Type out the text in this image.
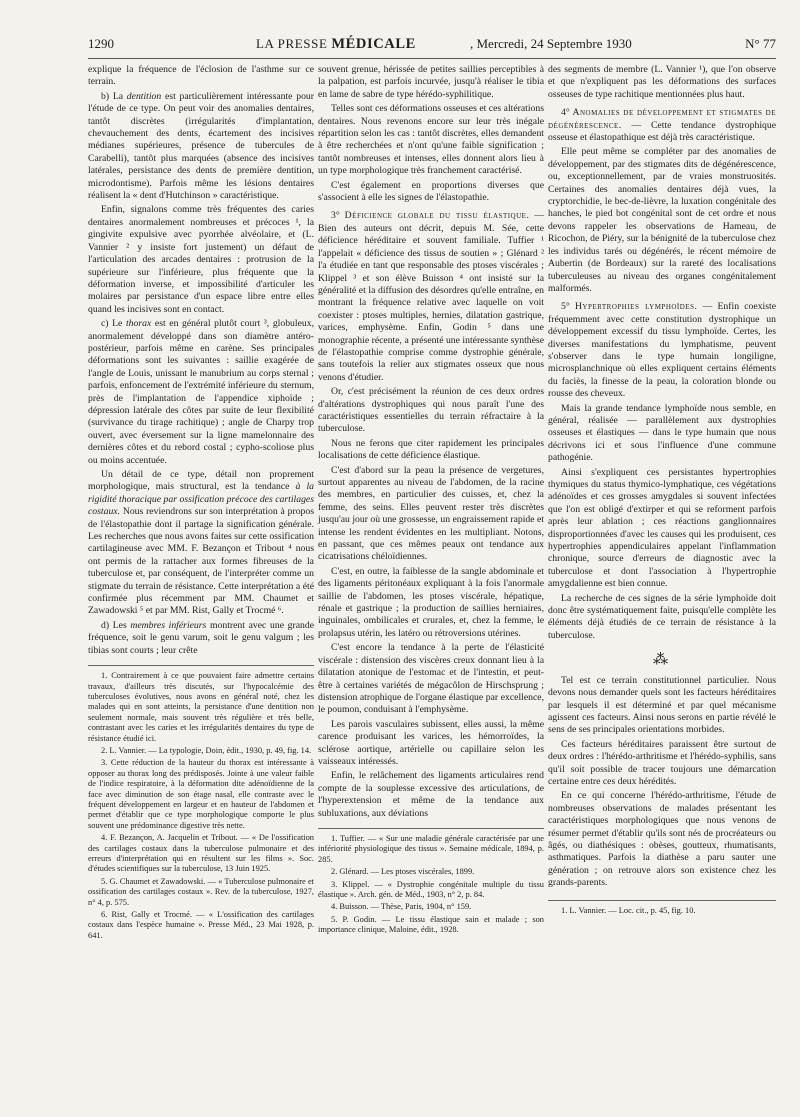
1290	LA PRESSE MÉDICALE	, Mercredi, 24 Septembre 1930	N° 77

explique la fréquence de l'éclosion de l'asthme sur ce terrain.

b) La dentition est particulièrement intéressante pour l'étude de ce type. On peut voir des anomalies dentaires, tantôt discrètes (irrégularités d'implantation, chevauchement des dents, écartement des incisives médianes supérieures, présence de tubercules de Carabelli), tantôt plus marquées (absence des incisives latérales, persistance des dents de première dentition, microdontisme). Parfois même les lésions dentaires réalisent la « dent d'Hutchinson » caractéristique.

Enfin, signalons comme très fréquentes des caries dentaires anormalement nombreuses et précoces ¹, la gingivite expulsive avec pyorrhée alvéolaire, et (L. Vannier ² y insiste fort justement) un défaut de l'articulation des arcades dentaires : protrusion de la supérieure sur l'inférieure, plus fréquente que la déformation inverse, et impossibilité d'articuler les molaires par persistance d'un espace libre entre elles quand les incisives sont en contact.

c) Le thorax est en général plutôt court ³, globuleux, anormalement développé dans son diamètre antéro-postérieur, parfois même en carène. Ses principales déformations sont les suivantes : saillie exagérée de l'angle de Louis, unissant le manubrium au corps sternal ; parfois, enfoncement de l'extrémité inférieure du sternum, près de l'implantation de l'appendice xiphoïde ; dépression latérale des côtes par suite de leur flexibilité (survivance du tirage rachitique) ; angle de Charpy trop ouvert, avec éversement sur la ligne mamelonnaire des dernières côtes et du rebord costal ; cypho-scoliose plus ou moins accentuée.

Un détail de ce type, détail non proprement morphologique, mais structural, est la tendance à la rigidité thoracique par ossification précoce des cartilages costaux. Nous reviendrons sur son interprétation à propos de l'élastopathie dont il partage la signification générale. Les recherches que nous avons faites sur cette ossification cartilagineuse avec MM. F. Bezançon et Tribout ⁴ nous ont permis de la rattacher aux formes fibreuses de la tuberculose et, par conséquent, de l'interpréter comme un stigmate du terrain de résistance. Cette interprétation a été confirmée plus récemment par MM. Chaumet et Zawadowski ⁵ et par MM. Rist, Gally et Trocmé ⁶.

d) Les membres inférieurs montrent avec une grande fréquence, soit le genu varum, soit le genu valgum ; les tibias sont courts ; leur crête

1. Contrairement à ce que pouvaient faire admettre certains travaux, d'ailleurs très discutés, sur l'hypocalcémie des tuberculoses évolutives, nous avons en général noté, chez les malades qui en sont atteints, la persistance d'une dentition non seulement normale, mais souvent très régulière et très belle, contrastant avec les caries et les irrégularités dentaires du type de résistance étudié ici.

2. L. Vannier. — La typologie, Doin, édit., 1930, p. 49, fig. 14.

3. Cette réduction de la hauteur du thorax est intéressante à opposer au thorax long des prédisposés. Jointe à une valeur faible de l'indice respiratoire, à la déformation dite adénoïdienne de la face avec diminution de son étage nasal, elle contraste avec le fréquent développement en largeur et en hauteur de l'abdomen et permet d'établir que ce type morphologique comporte le plus souvent une prédominance digestive très nette.

4. F. Bezançon, A. Jacquelin et Tribout. — « De l'ossification des cartilages costaux dans la tuberculose pulmonaire et des erreurs d'interprétation qui en résultent sur les films ». Soc. d'études scientifiques sur la tuberculose, 13 Juin 1925.

5. G. Chaumet et Zawadowski. — « Tuberculose pulmonaire et ossification des cartilages costaux ». Rev. de la tuberculose, 1927, n° 4, p. 575.

6. Rist, Gally et Trocmé. — « L'ossification des cartilages costaux dans l'espèce humaine ». Presse Méd., 23 Mai 1928, p. 641.

souvent grenue, hérissée de petites saillies perceptibles à la palpation, est parfois incurvée, jusqu'à réaliser le tibia en lame de sabre de type hérédo-syphilitique.

Telles sont ces déformations osseuses et ces altérations dentaires. Nous revenons encore sur leur très inégale répartition selon les cas : tantôt discrètes, elles demandent à être recherchées et n'ont qu'une faible signification ; tantôt nombreuses et intenses, elles donnent alors lieu à un type morphologique très franchement caractérisé.

C'est également en proportions diverses que s'associent à elle les signes de l'élastopathie.

3° Déficience globale du tissu élastique. — Bien des auteurs ont décrit, depuis M. Sée, cette déficience héréditaire et souvent familiale. Tuffier ¹ l'appelait « déficience des tissus de soutien » ; Glénard ² l'a étudiée en tant que responsable des ptoses viscérales ; Klippel ³ et son élève Buisson ⁴ ont insisté sur la généralité et la diffusion des désordres qu'elle entraîne, en montrant la fréquence relative avec laquelle on voit coexister : ptoses multiples, hernies, dilatation gastrique, varices, emphysème. Enfin, Godin ⁵ dans une monographie récente, a présenté une intéressante synthèse de l'élastopathie comprise comme dystrophie générale, sans toutefois la relier aux stigmates osseux que nous venons d'étudier.

Or, c'est précisément la réunion de ces deux ordres d'altérations dystrophiques qui nous paraît l'une des caractéristiques essentielles du terrain réfractaire à la tuberculose.

Nous ne ferons que citer rapidement les principales localisations de cette déficience élastique.

C'est d'abord sur la peau la présence de vergetures, surtout apparentes au niveau de l'abdomen, de la racine des membres, en particulier des cuisses, et, chez la femme, des seins. Elles peuvent rester très discrètes jusqu'au jour où une grossesse, un engraissement rapide et intense les rendent évidentes en les multipliant. Notons, en passant, que ces mêmes peaux ont tendance aux cicatrisations chéloïdiennes.

C'est, en outre, la faiblesse de la sangle abdominale et des ligaments péritonéaux expliquant à la fois l'anormale saillie de l'abdomen, les ptoses viscérale, hépatique, rénale et gastrique ; la production de saillies herniaires, inguinales, ombilicales et crurales, et, chez la femme, le prolapsus utérin, les latéro ou rétroversions utérines.

C'est encore la tendance à la perte de l'élasticité viscérale : distension des viscères creux donnant lieu à la dilatation atonique de l'estomac et de l'intestin, et peut-être à certaines variétés de mégacôlon de Hirschsprung ; distension atrophique de l'organe élastique par excellence, le poumon, conduisant à l'emphysème.

Les parois vasculaires subissent, elles aussi, la même carence produisant les varices, les hémorroïdes, la sclérose aortique, artérielle ou capillaire selon les vaisseaux intéressés.

Enfin, le relâchement des ligaments articulaires rend compte de la souplesse excessive des articulations, de l'hyperextension et même de la tendance aux subluxations, aux déviations

1. Tuffier. — « Sur une maladie générale caractérisée par une infériorité physiologique des tissus ». Semaine médicale, 1894, p. 285.

2. Glénard. — Les ptoses viscérales, 1899.

3. Klippel. — « Dystrophie congénitale multiple du tissu élastique ». Arch. gén. de Méd., 1903, n° 2, p. 84.

4. Buisson. — Thèse, Paris, 1904, n° 159.

5. P. Godin. — Le tissu élastique sain et malade ; son importance clinique, Maloine, édit., 1928.

des segments de membre (L. Vannier ¹), que l'on observe et que n'expliquent pas les déformations des surfaces osseuses de type rachitique mentionnées plus haut.

4° Anomalies de développement et stigmates de dégénérescence. — Cette tendance dystrophique osseuse et élastopathique est déjà très caractéristique.

Elle peut même se compléter par des anomalies de développement, par des stigmates dits de dégénérescence, ou, exceptionnellement, par de vraies monstruosités. Certaines des anomalies dentaires déjà vues, la cryptorchidie, le bec-de-lièvre, la luxation congénitale des hanches, le pied bot congénital sont de cet ordre et nous devons rappeler les observations de Hameau, de Ricochon, de Piéry, sur la bénignité de la tuberculose chez les individus tarés ou dégénérés, le récent mémoire de Aubertin (de Bordeaux) sur la rareté des localisations tuberculeuses au niveau des organes congénitalement malformés.

5° Hypertrophies lymphoïdes. — Enfin coexiste fréquemment avec cette constitution dystrophique un développement excessif du tissu lymphoïde. Certes, les diverses manifestations du lymphatisme, peuvent s'observer dans le type humain longiligne, microsplanchnique où elles expliquent certains éléments du faciès, la finesse de la peau, la coloration blonde ou rousse des cheveux.

Mais la grande tendance lymphoïde nous semble, en général, réalisée — parallèlement aux dystrophies osseuses et élastiques — dans le type humain que nous décrivons ici et sous l'influence d'une commune pathogénie.

Ainsi s'expliquent ces persistantes hypertrophies thymiques du status thymico-lymphatique, ces végétations adénoïdes et ces grosses amygdales si souvent infectées que l'on est obligé d'extirper et qui se reforment parfois après leur ablation ; ces réactions ganglionnaires disproportionnées d'avec les causes qui les produisent, ces hypertrophies appendiculaires appelant l'inflammation chronique, source d'erreurs de diagnostic avec la tuberculose et dont l'association à l'hypertrophie amygdalienne est bien connue.

La recherche de ces signes de la série lymphoïde doit donc être systématiquement faite, puisqu'elle complète les éléments déjà étudiés de ce terrain de résistance à la tuberculose.

⁂

Tel est ce terrain constitutionnel particulier. Nous devons nous demander quels sont les facteurs héréditaires par lesquels il est déterminé et par quel mécanisme agissent ces facteurs. Ainsi nous serons en partie révélé le sens de ses principales orientations morbides.

Ces facteurs héréditaires paraissent être surtout de deux ordres : l'hérédo-arthritisme et l'hérédo-syphilis, sans qu'il soit possible de tracer toujours une démarcation certaine entre ces deux hérédités.

En ce qui concerne l'hérédo-arthritisme, l'étude de nombreuses observations de malades présentant les caractéristiques morphologiques que nous venons de résumer permet d'établir qu'ils sont nés de procréateurs ou âgés, ou diathésiques : obèses, goutteux, rhumatisants, asthmatiques. Parfois la diathèse a paru sauter une génération ; on retrouve alors son existence chez les grands-parents.

1. L. Vannier. — Loc. cit., p. 45, fig. 10.
